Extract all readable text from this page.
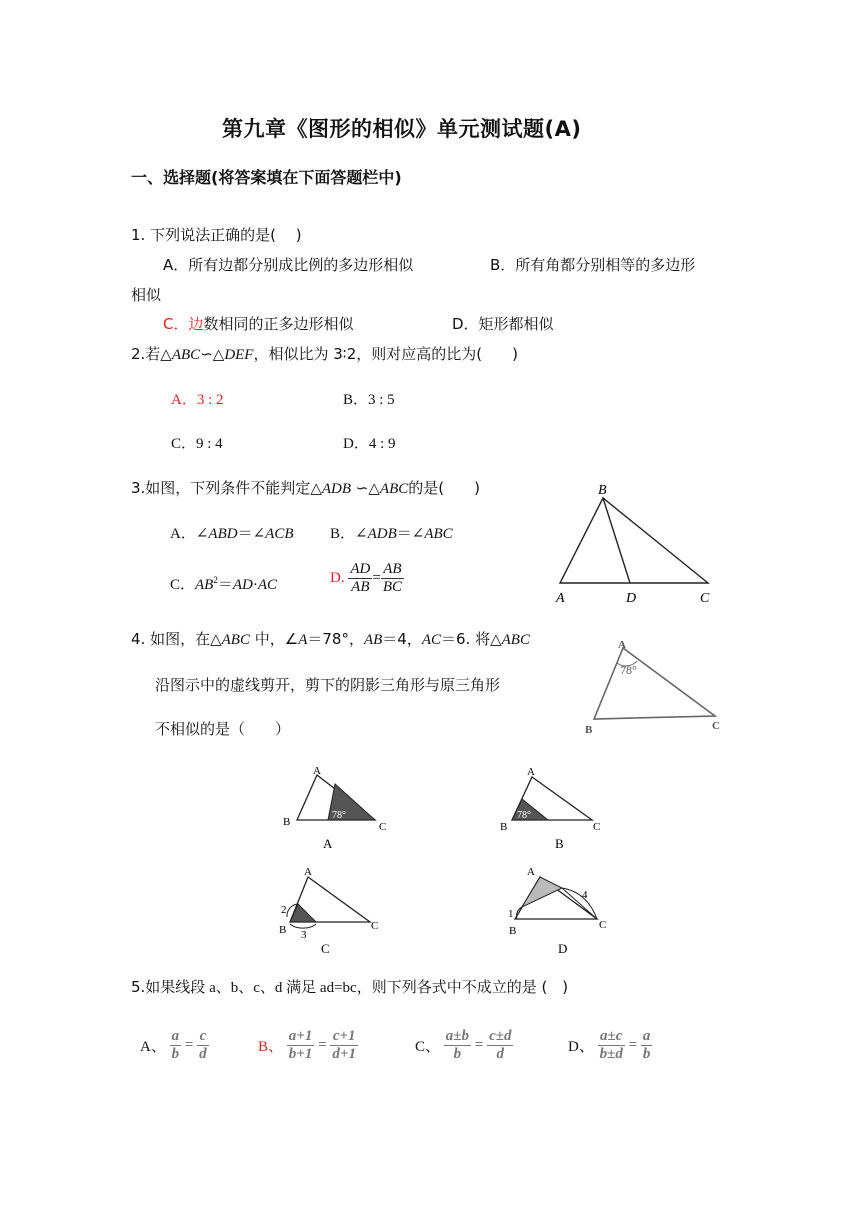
第九章《图形的相似》单元测试题(A)
一、选择题(将答案填在下面答题栏中)
1. 下列说法正确的是(　 )
A．所有边都分别成比例的多边形相似	B．所有角都分别相等的多边形
相似
C．边数相同的正多边形相似	D．矩形都相似
2.若△ABC∽△DEF，相似比为 3∶2，则对应高的比为(　　)
A．3 : 2	B．3 : 5
C．9 : 4	D．4 : 9
3.如图，下列条件不能判定△ADB ∽△ABC的是(　　)
A．∠ABD＝∠ACB B．∠ADB＝∠ABC
C．$AB^2=AD\cdot AC$	D. $\frac{AD}{AB} = \frac{AB}{BC}$
B
A	D	C
4. 如图，在△ABC 中，∠A＝78°，AB＝4，AC＝6. 将△ABC
沿图示中的虚线剪开，剪下的阴影三角形与原三角形
不相似的是（　　）
78°
A
B	C
78°
A
B	C
A
78°
A
B	C
B
A
B	C
2
3
C
A
B	C
1
4
D
5.如果线段 a、b、c、d 满足 ad=bc，则下列各式中不成立的是 (　)
A、 $\frac{a}{b} = \frac{c}{d}$	B、 $\frac{a+1}{b+1} = \frac{c+1}{d+1}$	C、 $\frac{a\pm b}{b} = \frac{c\pm d}{d}$	D、 $\frac{a\pm c}{b\pm d} = \frac{a}{b}$
